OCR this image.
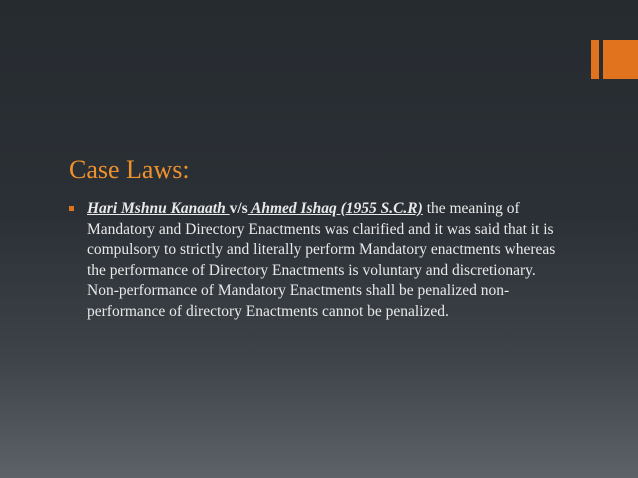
Case Laws:
Hari Mshnu Kanaath v/s Ahmed Ishaq (1955 S.C.R) the meaning of Mandatory and Directory Enactments was clarified and it was said that it is compulsory to strictly and literally perform Mandatory enactments whereas the performance of Directory Enactments is voluntary and discretionary. Non-performance of Mandatory Enactments shall be penalized non-performance of directory Enactments cannot be penalized.
